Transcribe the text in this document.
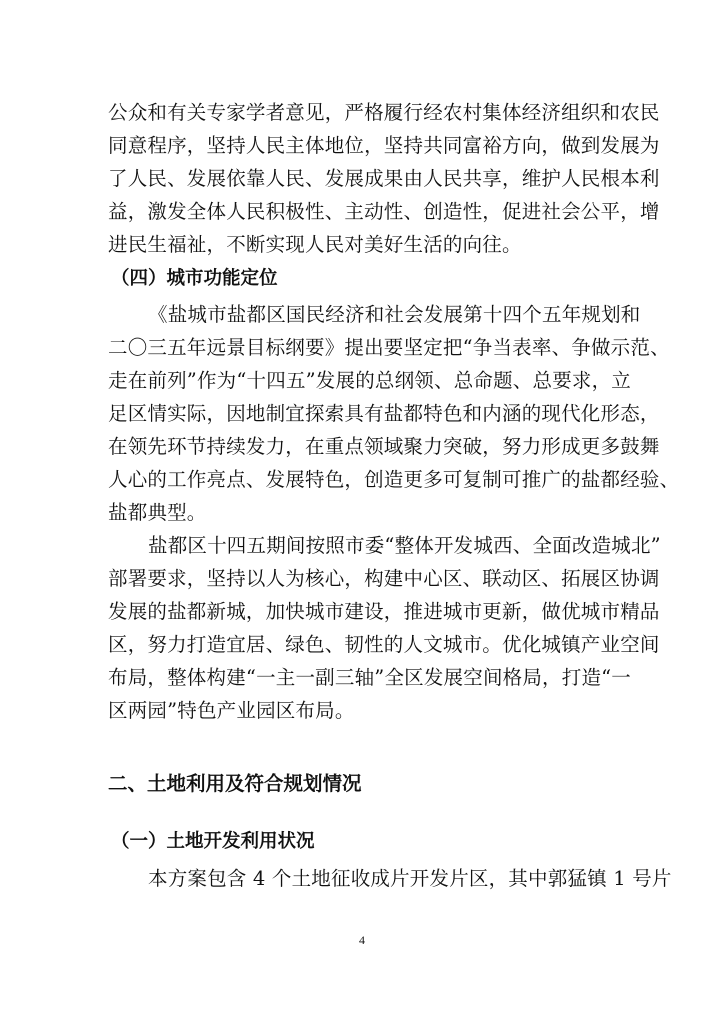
公众和有关专家学者意见，严格履行经农村集体经济组织和农民
同意程序，坚持人民主体地位，坚持共同富裕方向，做到发展为
了人民、发展依靠人民、发展成果由人民共享，维护人民根本利
益，激发全体人民积极性、主动性、创造性，促进社会公平，增
进民生福祉，不断实现人民对美好生活的向往。
（四）城市功能定位
《盐城市盐都区国民经济和社会发展第十四个五年规划和
二〇三五年远景目标纲要》提出要坚定把“争当表率、争做示范、
走在前列”作为“十四五”发展的总纲领、总命题、总要求，立
足区情实际，因地制宜探索具有盐都特色和内涵的现代化形态，
在领先环节持续发力，在重点领域聚力突破，努力形成更多鼓舞
人心的工作亮点、发展特色，创造更多可复制可推广的盐都经验、
盐都典型。
盐都区十四五期间按照市委“整体开发城西、全面改造城北”
部署要求，坚持以人为核心，构建中心区、联动区、拓展区协调
发展的盐都新城，加快城市建设，推进城市更新，做优城市精品
区，努力打造宜居、绿色、韧性的人文城市。优化城镇产业空间
布局，整体构建“一主一副三轴”全区发展空间格局，打造“一
区两园”特色产业园区布局。
二、土地利用及符合规划情况
（一）土地开发利用状况
本方案包含 4 个土地征收成片开发片区，其中郭猛镇 1 号片
4
